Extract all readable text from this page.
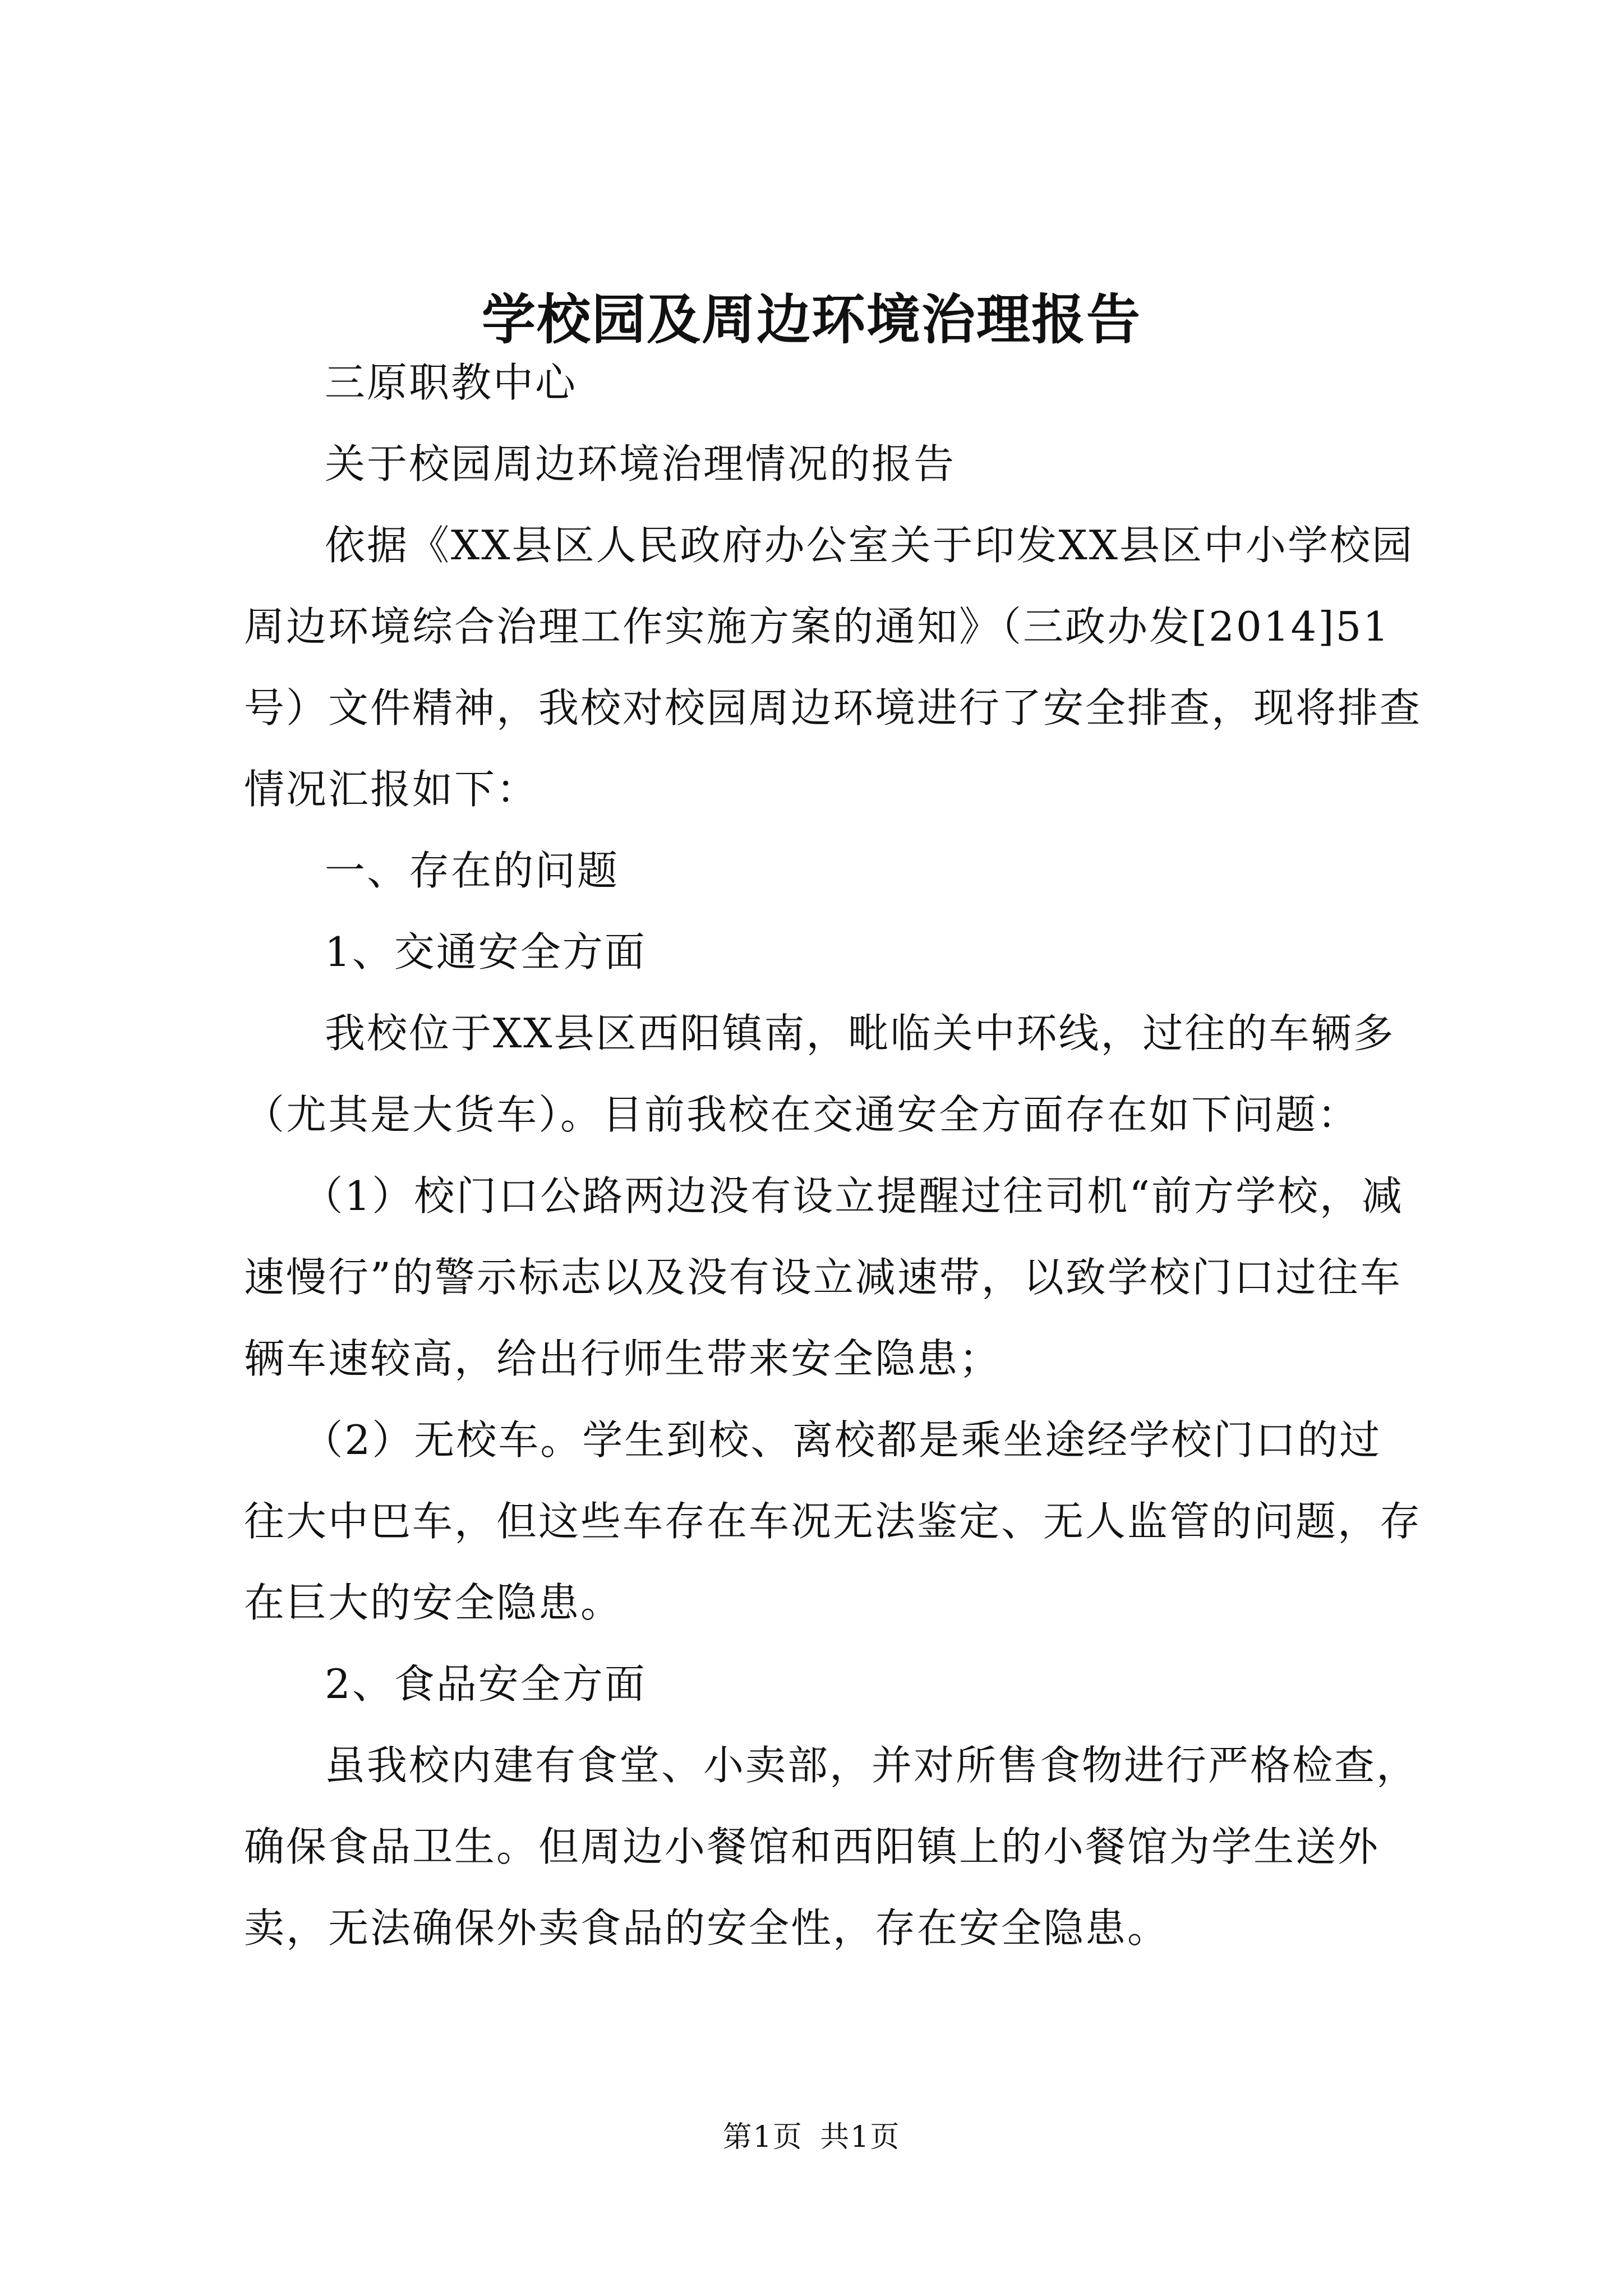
学校园及周边环境治理报告

三原职教中心

关于校园周边环境治理情况的报告

依据《XX县区人民政府办公室关于印发XX县区中小学校园周边环境综合治理工作实施方案的通知》（三政办发[2014]51号）文件精神，我校对校园周边环境进行了安全排查，现将排查情况汇报如下：

一、存在的问题

1、交通安全方面

我校位于XX县区西阳镇南，毗临关中环线，过往的车辆多（尤其是大货车）。目前我校在交通安全方面存在如下问题：

（1）校门口公路两边没有设立提醒过往司机“前方学校，减速慢行”的警示标志以及没有设立减速带，以致学校门口过往车辆车速较高，给出行师生带来安全隐患；

（2）无校车。学生到校、离校都是乘坐途经学校门口的过往大中巴车，但这些车存在车况无法鉴定、无人监管的问题，存在巨大的安全隐患。

2、食品安全方面

虽我校内建有食堂、小卖部，并对所售食物进行严格检查，确保食品卫生。但周边小餐馆和西阳镇上的小餐馆为学生送外卖，无法确保外卖食品的安全性，存在安全隐患。

第1页 共1页
